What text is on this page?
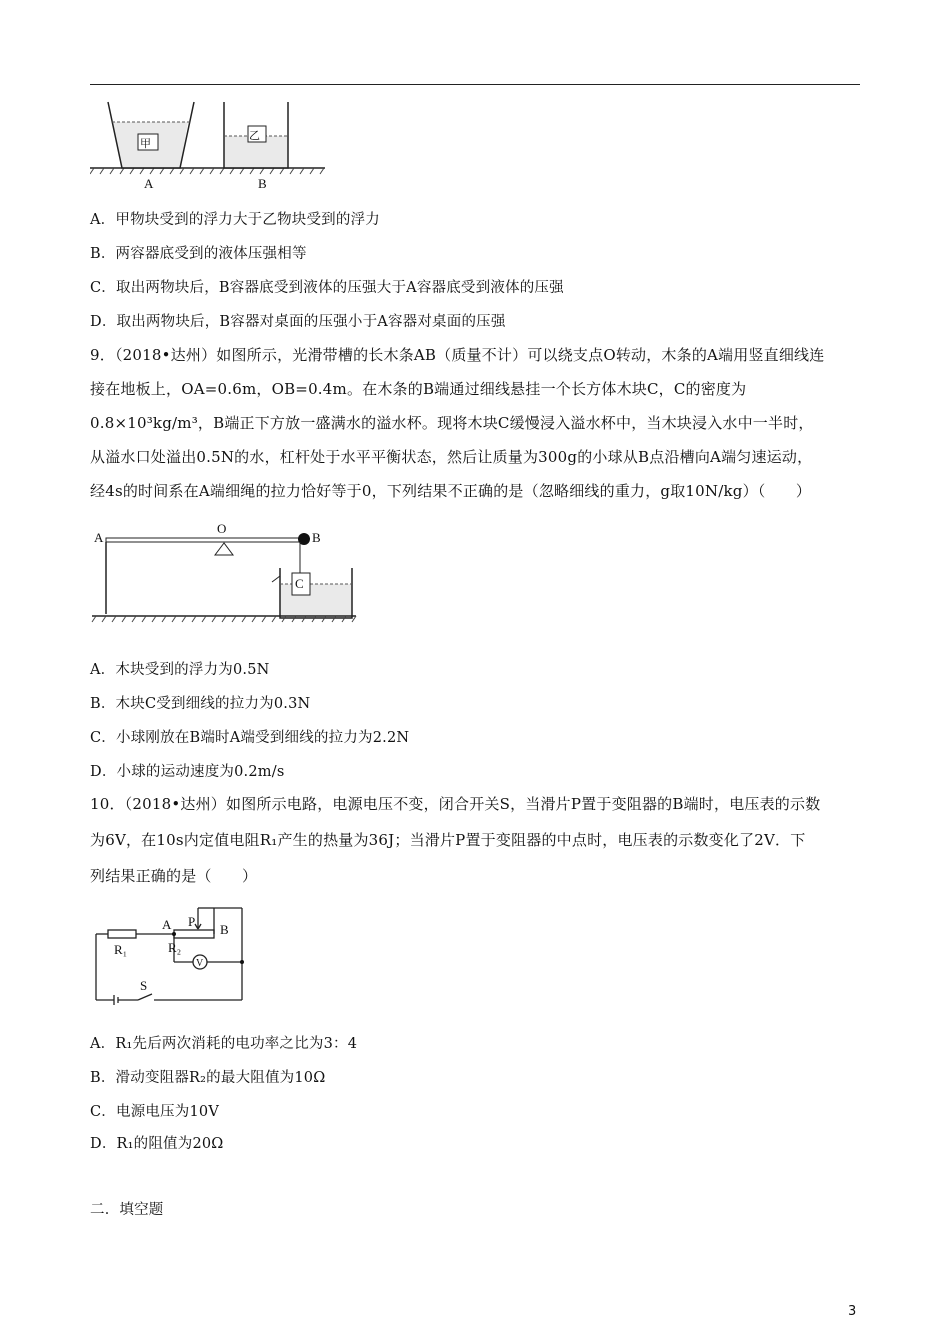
甲
A
乙
B
A．甲物块受到的浮力大于乙物块受到的浮力
B．两容器底受到的液体压强相等
C．取出两物块后，B容器底受到液体的压强大于A容器底受到液体的压强
D．取出两物块后，B容器对桌面的压强小于A容器对桌面的压强
9．（2018•达州）如图所示，光滑带槽的长木条AB（质量不计）可以绕支点O转动，木条的A端用竖直细线连
接在地板上，OA=0.6m，OB=0.4m。在木条的B端通过细线悬挂一个长方体木块C，C的密度为
0.8×10³kg/m³，B端正下方放一盛满水的溢水杯。现将木块C缓慢浸入溢水杯中，当木块浸入水中一半时，
从溢水口处溢出0.5N的水，杠杆处于水平平衡状态，然后让质量为300g的小球从B点沿槽向A端匀速运动，
经4s的时间系在A端细绳的拉力恰好等于0，下列结果不正确的是（忽略细线的重力，g取10N/kg）（　　）
A
O
B
C
A．木块受到的浮力为0.5N
B．木块C受到细线的拉力为0.3N
C．小球刚放在B端时A端受到细线的拉力为2.2N
D．小球的运动速度为0.2m/s
10．（2018•达州）如图所示电路，电源电压不变，闭合开关S，当滑片P置于变阻器的B端时，电压表的示数
为6V，在10s内定值电阻R₁产生的热量为36J；当滑片P置于变阻器的中点时，电压表的示数变化了2V．下
列结果正确的是（　　）
R₁	R₂
A P
B
V
S
A．R₁先后两次消耗的电功率之比为3：4
B．滑动变阻器R₂的最大阻值为10Ω
C．电源电压为10V
D．R₁的阻值为20Ω
二．填空题
3
